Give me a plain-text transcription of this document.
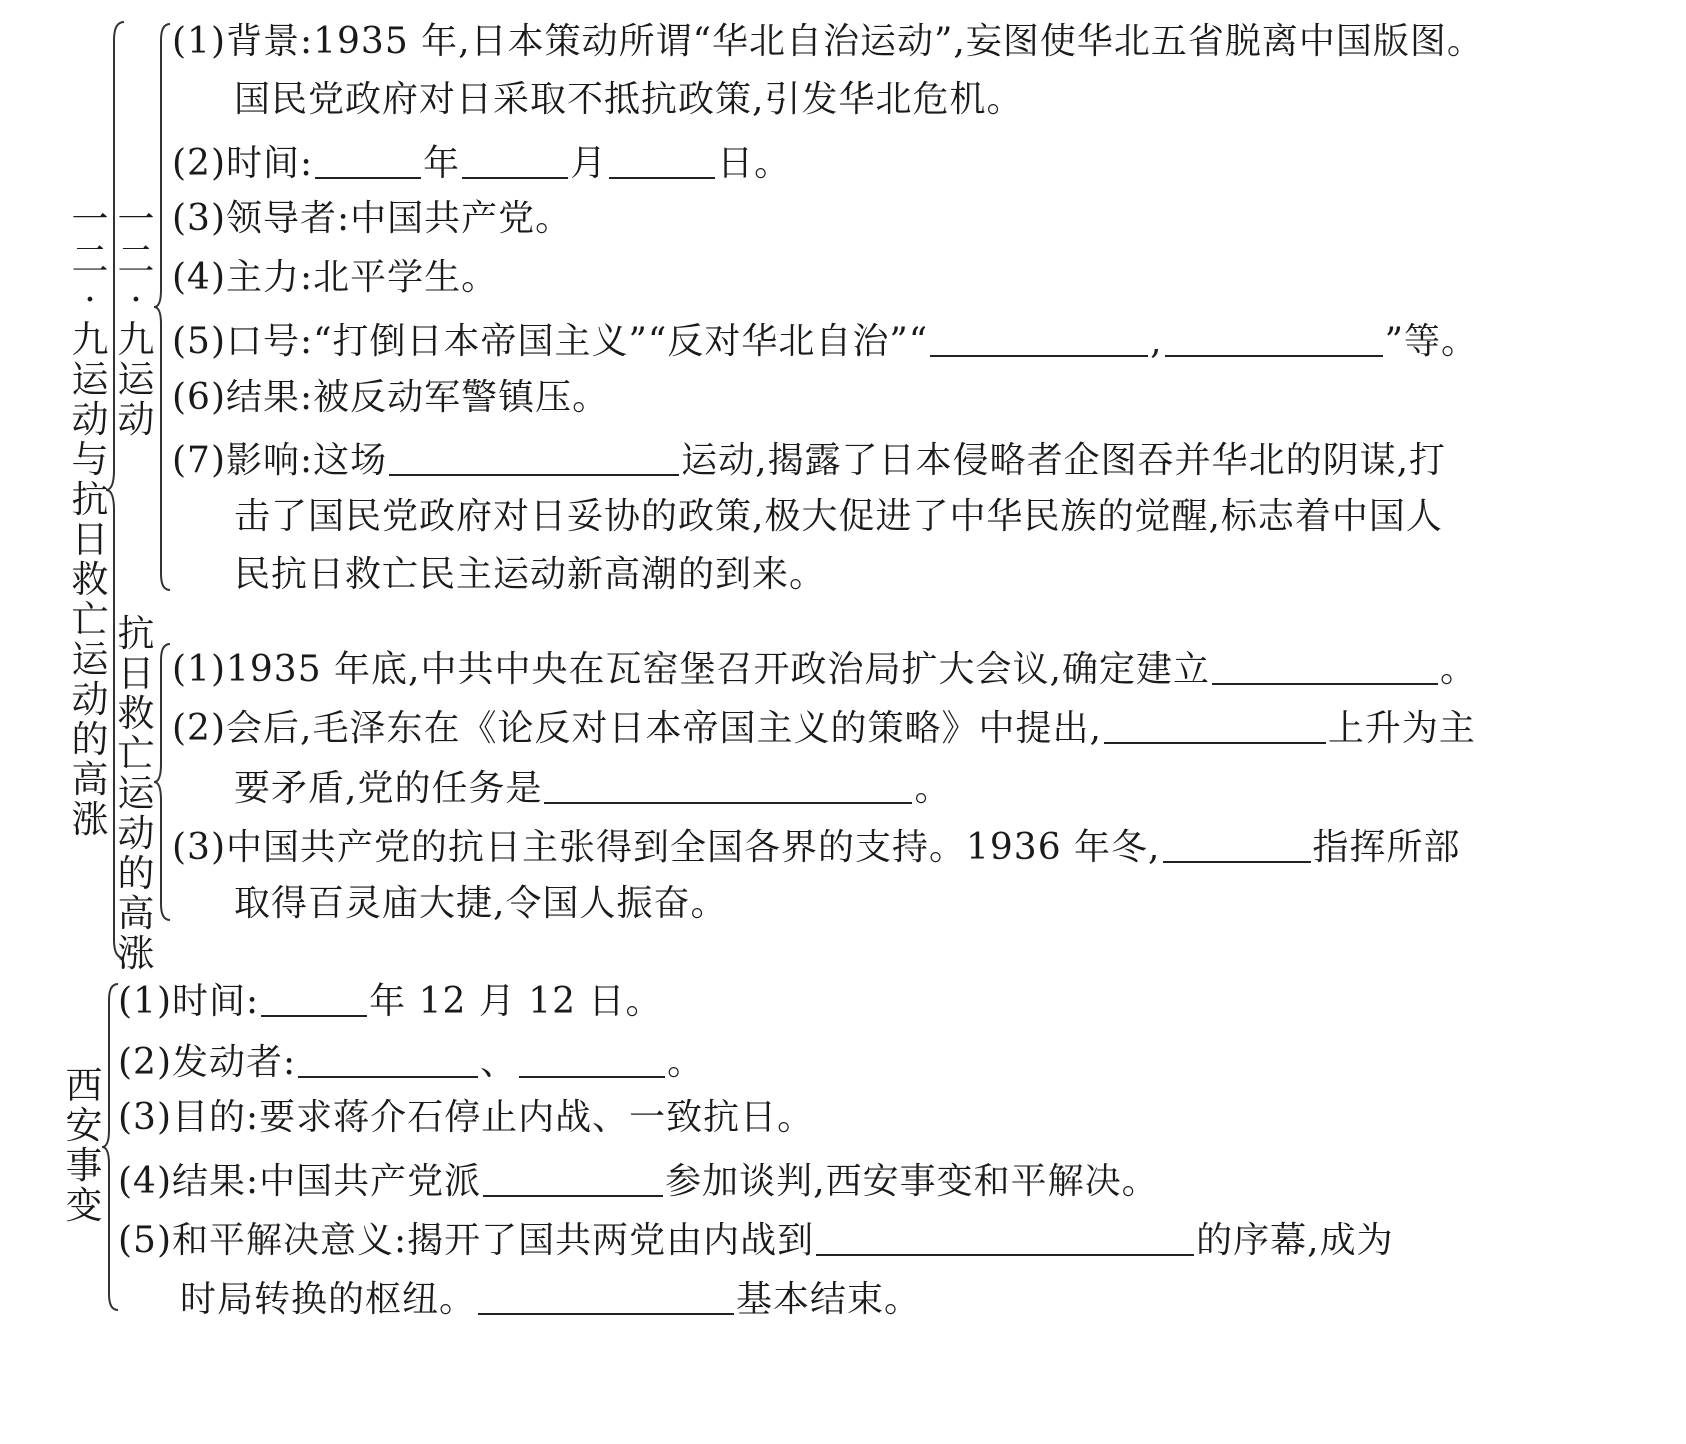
一二·九运动与抗日救亡运动的高涨
一二·九运动
抗日救亡运动的高涨
西安事变
(1)背景:1935 年,日本策动所谓“华北自治运动”,妄图使华北五省脱离中国版图。
国民党政府对日采取不抵抗政策,引发华北危机。
(2)时间:	年	月	日。
(3)领导者:中国共产党。
(4)主力:北平学生。
(5)口号:“打倒日本帝国主义”“反对华北自治”“	,	”等。
(6)结果:被反动军警镇压。
(7)影响:这场	运动,揭露了日本侵略者企图吞并华北的阴谋,打
击了国民党政府对日妥协的政策,极大促进了中华民族的觉醒,标志着中国人
民抗日救亡民主运动新高潮的到来。
(1)1935 年底,中共中央在瓦窑堡召开政治局扩大会议,确定建立	。
(2)会后,毛泽东在《论反对日本帝国主义的策略》中提出,	上升为主
要矛盾,党的任务是	。
(3)中国共产党的抗日主张得到全国各界的支持。1936 年冬,	指挥所部
取得百灵庙大捷,令国人振奋。
(1)时间:	年 12 月 12 日。
(2)发动者:	、	。
(3)目的:要求蒋介石停止内战、一致抗日。
(4)结果:中国共产党派	参加谈判,西安事变和平解决。
(5)和平解决意义:揭开了国共两党由内战到	的序幕,成为
时局转换的枢纽。	基本结束。
